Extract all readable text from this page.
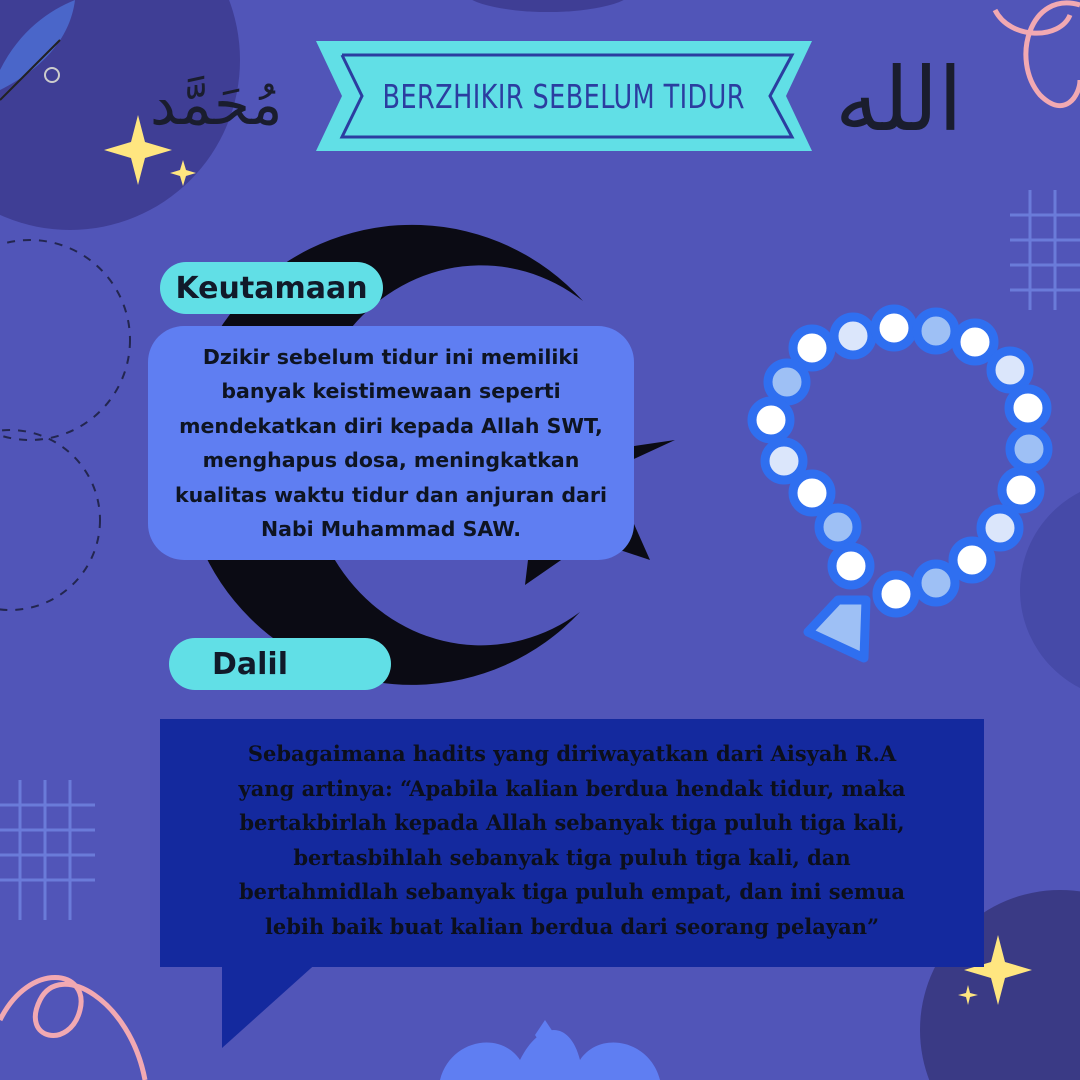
مُحَمَّد	الله
BERZHIKIR SEBELUM TIDUR
Keutamaan

Dzikir sebelum tidur ini memiliki
banyak keistimewaan seperti
mendekatkan diri kepada Allah SWT,
menghapus dosa, meningkatkan
kualitas waktu tidur dan anjuran dari
Nabi Muhammad SAW.

Dalil

Sebagaimana hadits yang diriwayatkan dari Aisyah R.A
yang artinya: “Apabila kalian berdua hendak tidur, maka
bertakbirlah kepada Allah sebanyak tiga puluh tiga kali,
bertasbihlah sebanyak tiga puluh tiga kali, dan
bertahmidlah sebanyak tiga puluh empat, dan ini semua
lebih baik buat kalian berdua dari seorang pelayan”
